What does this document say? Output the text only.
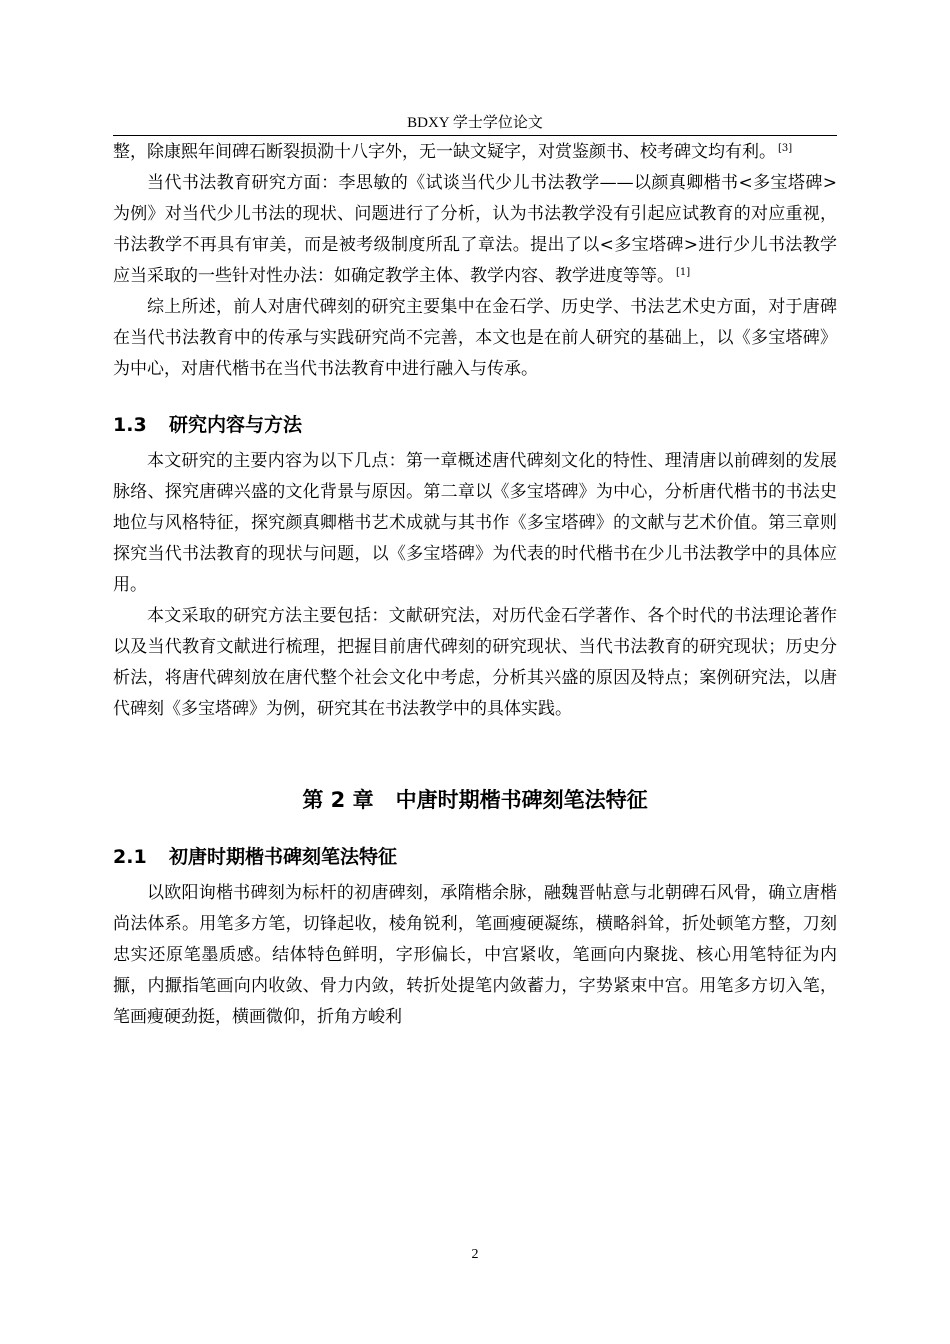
BDXY 学士学位论文

整，除康熙年间碑石断裂损泐十八字外，无一缺文疑字，对赏鉴颜书、校考碑文均有利。 [3]

当代书法教育研究方面：李思敏的《试谈当代少儿书法教学——以颜真卿楷书<多宝塔碑>为例》对当代少儿书法的现状、问题进行了分析，认为书法教学没有引起应试教育的对应重视，书法教学不再具有审美，而是被考级制度所乱了章法。提出了以<多宝塔碑>进行少儿书法教学应当采取的一些针对性办法：如确定教学主体、教学内容、教学进度等等。 [1]

综上所述，前人对唐代碑刻的研究主要集中在金石学、历史学、书法艺术史方面，对于唐碑在当代书法教育中的传承与实践研究尚不完善，本文也是在前人研究的基础上，以《多宝塔碑》为中心，对唐代楷书在当代书法教育中进行融入与传承。

1.3 研究内容与方法

本文研究的主要内容为以下几点：第一章概述唐代碑刻文化的特性、理清唐以前碑刻的发展脉络、探究唐碑兴盛的文化背景与原因。第二章以《多宝塔碑》为中心，分析唐代楷书的书法史地位与风格特征，探究颜真卿楷书艺术成就与其书作《多宝塔碑》的文献与艺术价值。第三章则探究当代书法教育的现状与问题，以《多宝塔碑》为代表的时代楷书在少儿书法教学中的具体应用。

本文采取的研究方法主要包括：文献研究法，对历代金石学著作、各个时代的书法理论著作以及当代教育文献进行梳理，把握目前唐代碑刻的研究现状、当代书法教育的研究现状；历史分析法，将唐代碑刻放在唐代整个社会文化中考虑，分析其兴盛的原因及特点；案例研究法，以唐代碑刻《多宝塔碑》为例，研究其在书法教学中的具体实践。

第 2 章 中唐时期楷书碑刻笔法特征
2.1 初唐时期楷书碑刻笔法特征

以欧阳询楷书碑刻为标杆的初唐碑刻，承隋楷余脉，融魏晋帖意与北朝碑石风骨，确立唐楷尚法体系。用笔多方笔，切锋起收，棱角锐利，笔画瘦硬凝练，横略斜耸，折处顿笔方整，刀刻忠实还原笔墨质感。结体特色鲜明，字形偏长，中宫紧收，笔画向内聚拢、核心用笔特征为内擫，内擫指笔画向内收敛、骨力内敛，转折处提笔内敛蓄力，字势紧束中宫。用笔多方切入笔，笔画瘦硬劲挺，横画微仰，折角方峻利

2
